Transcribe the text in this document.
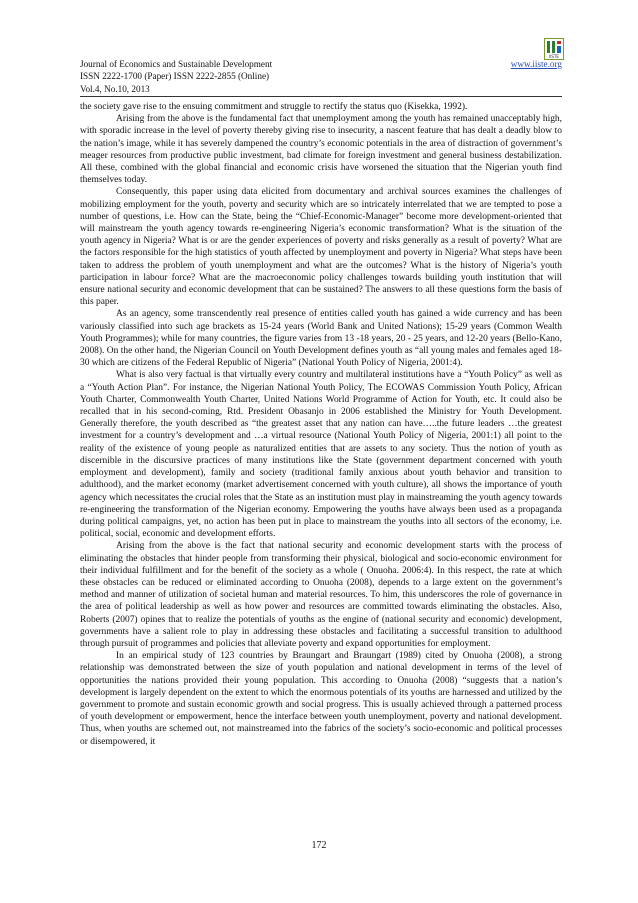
Journal of Economics and Sustainable Development
ISSN 2222-1700 (Paper) ISSN 2222-2855 (Online)
Vol.4, No.10, 2013
www.iiste.org
IISTE

the society gave rise to the ensuing commitment and struggle to rectify the status quo (Kisekka, 1992).

Arising from the above is the fundamental fact that unemployment among the youth has remained unacceptably high, with sporadic increase in the level of poverty thereby giving rise to insecurity, a nascent feature that has dealt a deadly blow to the nation’s image, while it has severely dampened the country’s economic potentials in the area of distraction of government’s meager resources from productive public investment, bad climate for foreign investment and general business destabilization. All these, combined with the global financial and economic crisis have worsened the situation that the Nigerian youth find themselves today.

Consequently, this paper using data elicited from documentary and archival sources examines the challenges of mobilizing employment for the youth, poverty and security which are so intricately interrelated that we are tempted to pose a number of questions, i.e. How can the State, being the “Chief-Economic-Manager” become more development-oriented that will mainstream the youth agency towards re-engineering Nigeria’s economic transformation? What is the situation of the youth agency in Nigeria? What is or are the gender experiences of poverty and risks generally as a result of poverty? What are the factors responsible for the high statistics of youth affected by unemployment and poverty in Nigeria? What steps have been taken to address the problem of youth unemployment and what are the outcomes? What is the history of Nigeria’s youth participation in labour force? What are the macroeconomic policy challenges towards building youth institution that will ensure national security and economic development that can be sustained? The answers to all these questions form the basis of this paper.

As an agency, some transcendently real presence of entities called youth has gained a wide currency and has been variously classified into such age brackets as 15-24 years (World Bank and United Nations); 15-29 years (Common Wealth Youth Programmes); while for many countries, the figure varies from 13 -18 years, 20 - 25 years, and 12-20 years (Bello-Kano, 2008). On the other hand, the Nigerian Council on Youth Development defines youth as “all young males and females aged 18-30 which are citizens of the Federal Republic of Nigeria” (National Youth Policy of Nigeria, 2001:4).

What is also very factual is that virtually every country and multilateral institutions have a “Youth Policy” as well as a “Youth Action Plan”. For instance, the Nigerian National Youth Policy, The ECOWAS Commission Youth Policy, African Youth Charter, Commonwealth Youth Charter, United Nations World Programme of Action for Youth, etc. It could also be recalled that in his second-coming, Rtd. President Obasanjo in 2006 established the Ministry for Youth Development. Generally therefore, the youth described as “the greatest asset that any nation can have…..the future leaders …the greatest investment for a country’s development and …a virtual resource (National Youth Policy of Nigeria, 2001:1) all point to the reality of the existence of young people as naturalized entities that are assets to any society. Thus the notion of youth as discernible in the discursive practices of many institutions like the State (government department concerned with youth employment and development), family and society (traditional family anxious about youth behavior and transition to adulthood), and the market economy (market advertisement concerned with youth culture), all shows the importance of youth agency which necessitates the crucial roles that the State as an institution must play in mainstreaming the youth agency towards re-engineering the transformation of the Nigerian economy. Empowering the youths have always been used as a propaganda during political campaigns, yet, no action has been put in place to mainstream the youths into all sectors of the economy, i.e. political, social, economic and development efforts.

Arising from the above is the fact that national security and economic development starts with the process of eliminating the obstacles that hinder people from transforming their physical, biological and socio-economic environment for their individual fulfillment and for the benefit of the society as a whole ( Onuoha. 2006:4). In this respect, the rate at which these obstacles can be reduced or eliminated according to Onuoha (2008), depends to a large extent on the government’s method and manner of utilization of societal human and material resources. To him, this underscores the role of governance in the area of political leadership as well as how power and resources are committed towards eliminating the obstacles. Also, Roberts (2007) opines that to realize the potentials of youths as the engine of (national security and economic) development, governments have a salient role to play in addressing these obstacles and facilitating a successful transition to adulthood through pursuit of programmes and policies that alleviate poverty and expand opportunities for employment.

In an empirical study of 123 countries by Braungart and Braungart (1989) cited by Onuoha (2008), a strong relationship was demonstrated between the size of youth population and national development in terms of the level of opportunities the nations provided their young population. This according to Onuoha (2008) “suggests that a nation’s development is largely dependent on the extent to which the enormous potentials of its youths are harnessed and utilized by the government to promote and sustain economic growth and social progress. This is usually achieved through a patterned process of youth development or empowerment, hence the interface between youth unemployment, poverty and national development. Thus, when youths are schemed out, not mainstreamed into the fabrics of the society’s socio-economic and political processes or disempowered, it

172
